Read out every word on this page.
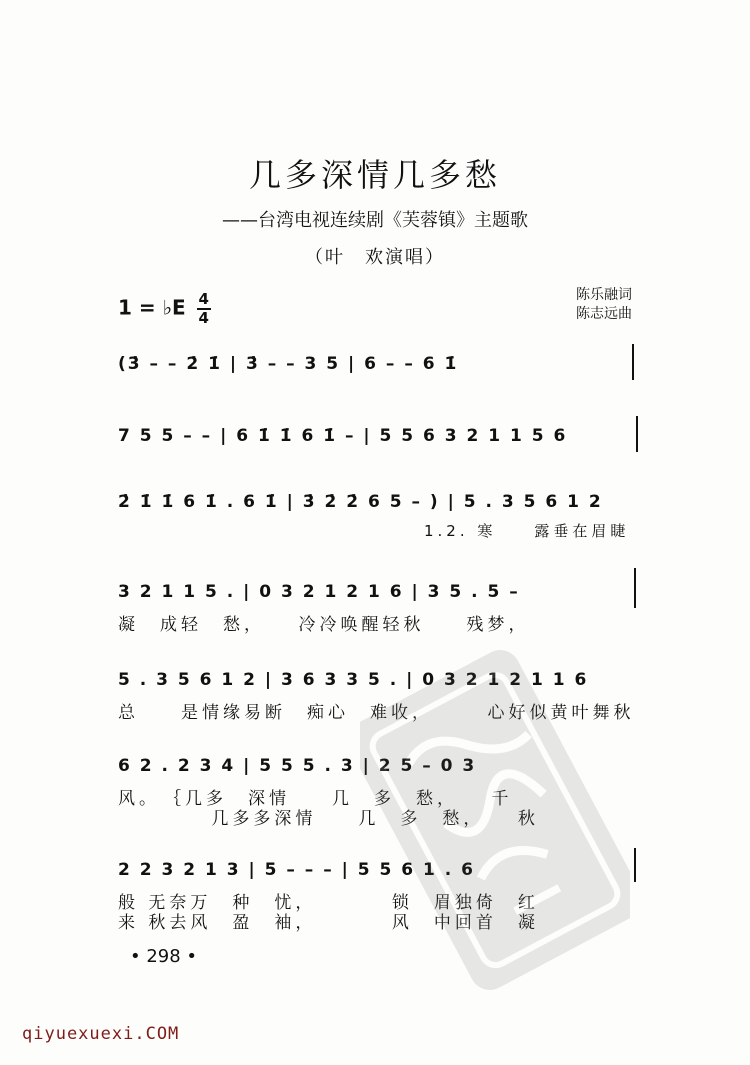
几多深情几多愁
——台湾电视连续剧《芙蓉镇》主题歌
（叶　欢演唱）
1 = ♭E $\frac{4}{4}$	陈乐融词
陈志远曲
(3̇ – – 2̇ 1̇ | 3̇ – – 3 5 | 6 – – 6 1̇
7 5 5 – – | 6 1̇ 1̇ 6 1̇ – | 5 5 6 3 2 1 1 5 6
2̇ 1̇ 1̇ 6 1̇ . 6 1̇ | 3̇ 2̇ 2̇ 6 5 – ) | 5 . 3 5 6 1 2
1.2. 寒　　露垂在眉睫
3 2 1 1 5 . | 0 3 2 1 2 1 6 | 3 5 . 5 –
凝　成轻　愁，　　冷冷唤醒轻秋　　残梦，
5 . 3 5 6 1 2 | 3 6 3 3 5 . | 0 3 2 1 2 1 1 6
总　　是情缘易断　痴心　难收，　　　心好似黄叶舞秋
6 2 . 2 3 4 | 5 5 5 . 3 | 2 5 – 0 3
风。　｛几多　深情　　几　多　愁，　　千
　　　　 几多多深情　　几　多　愁，　　秋
2 2 3 2 1 3 | 5 – – – | 5 5 6 1 . 6
般 无奈万　种　忧，　　　　锁　眉独倚　红
来 秋去风　盈　袖，　　　　风　中回首　凝
• 298 •
qiyuexuexi.COM
